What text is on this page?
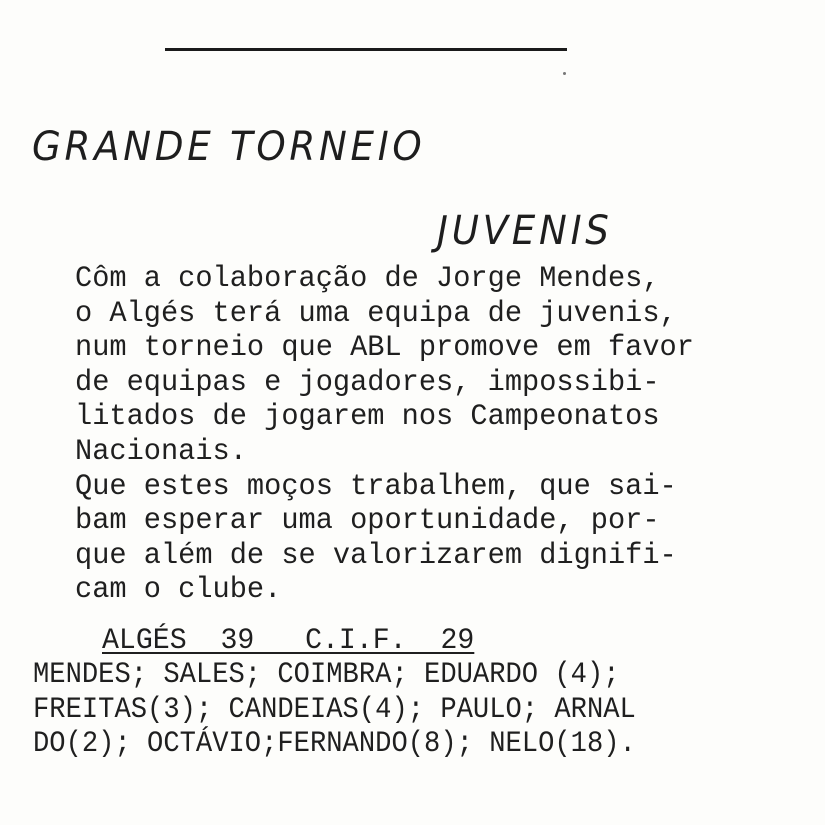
GRANDE TORNEIO
JUVENIS
Côm a colaboração de Jorge Mendes,
o Algés terá uma equipa de juvenis,
num torneio que ABL promove em favor
de equipas e jogadores, impossibi-
litados de jogarem nos Campeonatos
Nacionais.
Que estes moços trabalhem, que sai-
bam esperar uma oportunidade, por-
que além de se valorizarem dignifi-
cam o clube.
ALGÉS  39   C.I.F.  29
MENDES; SALES; COIMBRA; EDUARDO (4);
FREITAS(3); CANDEIAS(4); PAULO; ARNAL
DO(2); OCTÁVIO;FERNANDO(8); NELO(18).
